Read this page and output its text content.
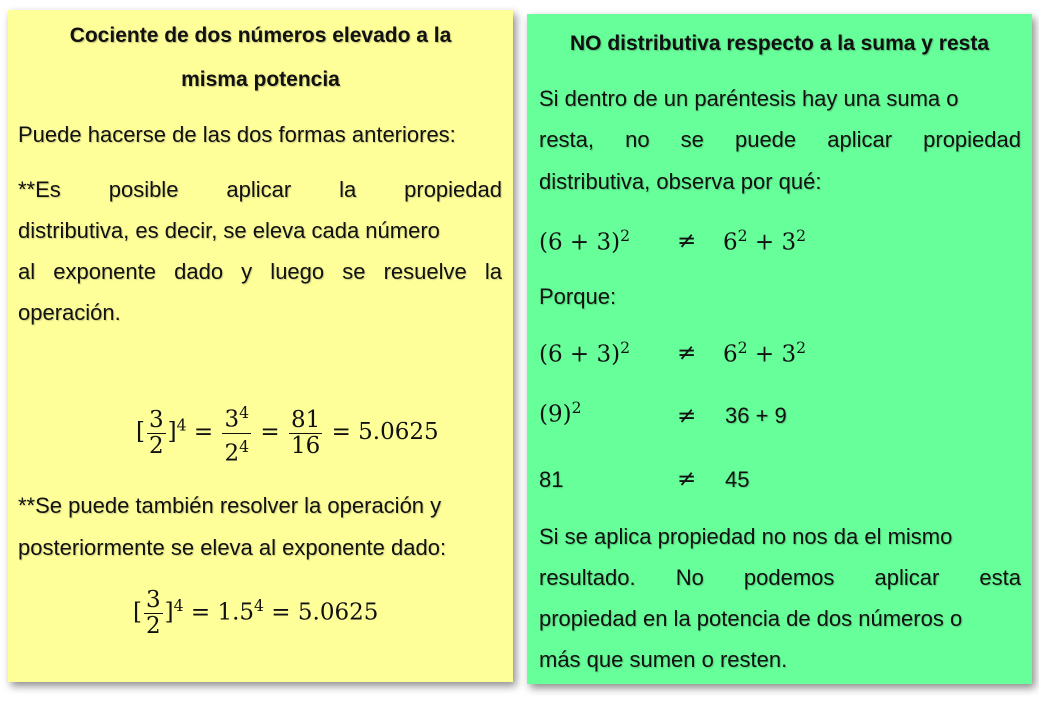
Cociente de dos números elevado a la
misma potencia
Puede hacerse de las dos formas anteriores:
**Es posible aplicar la propiedad
distributiva, es decir, se eleva cada número
al exponente dado y luego se resuelve la
operación.
[ $\frac{3}{2} ]^4 = \frac{3^4}{2^4} = \frac{81}{16} = 5.0625$
**Se puede también resolver la operación y
posteriormente se eleva al exponente dado:
[ $\frac{3}{2} ]^4 = 1.5^4 = 5.0625$
NO distributiva respecto a la suma y resta
Si dentro de un paréntesis hay una suma o
resta, no se puede aplicar propiedad
distributiva, observa por qué:
$(6 + 3)^2 \ne 6^2 + 3^2$
Porque:
$(6 + 3)^2 \ne 6^2 + 3^2$
$(9)^2$	≠ 36 + 9
81	≠ 45
Si se aplica propiedad no nos da el mismo
resultado. No podemos aplicar esta
propiedad en la potencia de dos números o
más que sumen o resten.
